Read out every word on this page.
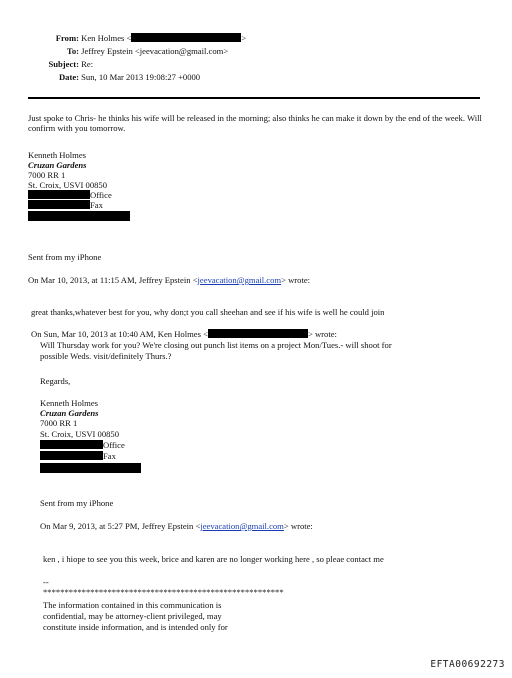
From: Ken Holmes <	>
To: Jeffrey Epstein <jeevacation@gmail.com>
Subject: Re:
Date: Sun, 10 Mar 2013 19:08:27 +0000
Just spoke to Chris- he thinks his wife will be released in the morning; also thinks he can make it down by the end of the week. Will confirm with you tomorrow.
Kenneth Holmes
Cruzan Gardens
7000 RR 1
St. Croix, USVI 00850
Office
Fax
Sent from my iPhone
On Mar 10, 2013, at 11:15 AM, Jeffrey Epstein <jeevacation@gmail.com> wrote:
great thanks,whatever best for you, why don;t you call sheehan and see if his wife is well he could join
On Sun, Mar 10, 2013 at 10:40 AM, Ken Holmes <	> wrote:
Will Thursday work for you? We're closing out punch list items on a project Mon/Tues.- will shoot for
possible Weds. visit/definitely Thurs.?
Regards,
Kenneth Holmes
Cruzan Gardens
7000 RR 1
St. Croix, USVI 00850
Office
Fax
Sent from my iPhone
On Mar 9, 2013, at 5:27 PM, Jeffrey Epstein <jeevacation@gmail.com> wrote:
ken , i hiope to see you this week, brice and karen are no longer working here , so pleae contact me
--
********************************************************
The information contained in this communication is
confidential, may be attorney-client privileged, may
constitute inside information, and is intended only for
EFTA00692273
